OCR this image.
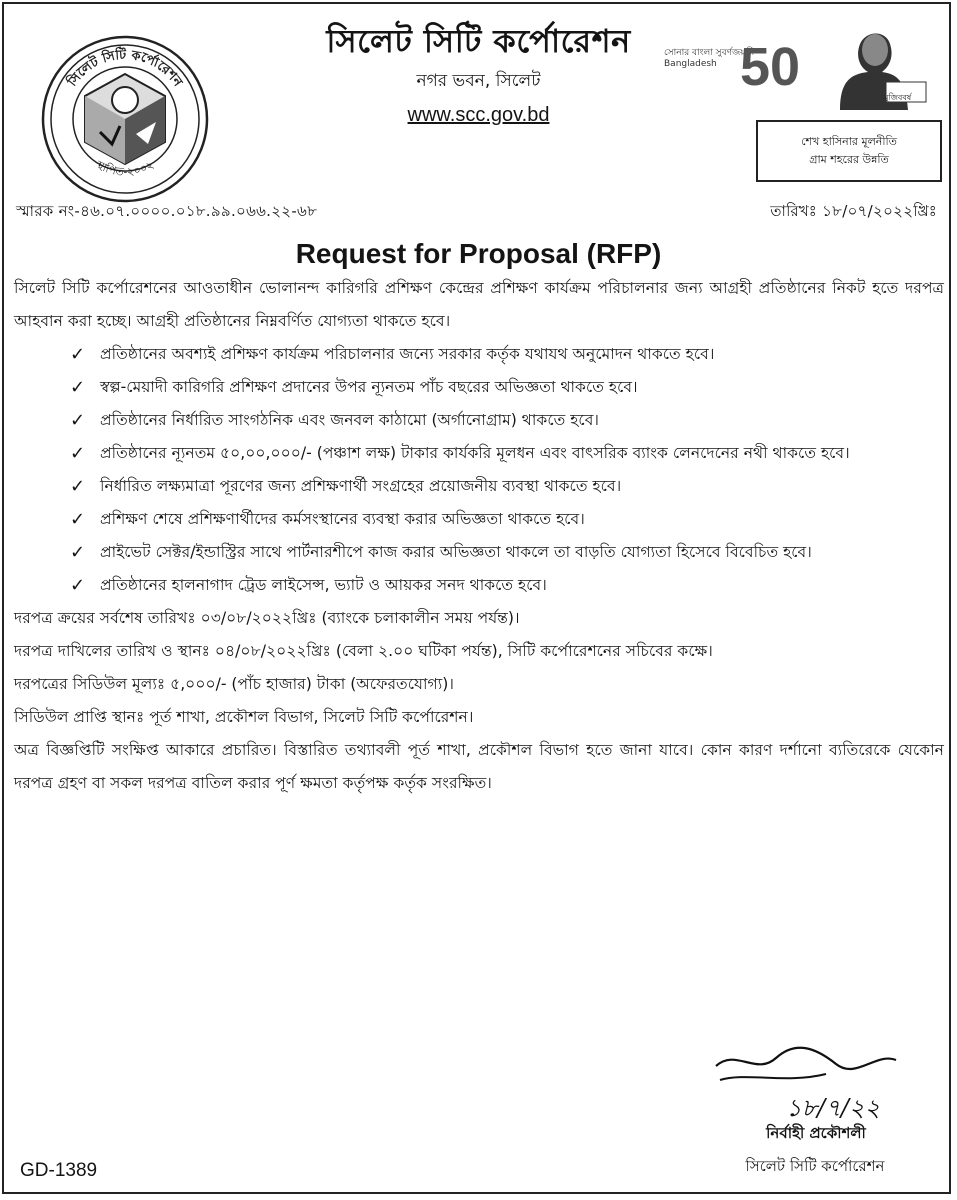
সিলেট সিটি কর্পোরেশন
স্থাপিত-২০০২
সিলেট সিটি কর্পোরেশন
নগর ভবন, সিলেট
www.scc.gov.bd
সোনার বাংলা সুবর্ণজয়ন্তী
Bangladesh 50
মুজিববর্ষ
শেখ হাসিনার মূলনীতি
গ্রাম শহরের উন্নতি
স্মারক নং-৪৬.০৭.০০০০.০১৮.৯৯.০৬৬.২২-৬৮	তারিখঃ ১৮/০৭/২০২২খ্রিঃ
Request for Proposal (RFP)

সিলেট সিটি কর্পোরেশনের আওতাধীন ভোলানন্দ কারিগরি প্রশিক্ষণ কেন্দ্রের প্রশিক্ষণ কার্যক্রম পরিচালনার জন্য আগ্রহী প্রতিষ্ঠানের নিকট হতে দরপত্র আহবান করা হচ্ছে। আগ্রহী প্রতিষ্ঠানের নিম্নবর্ণিত যোগ্যতা থাকতে হবে।

✓ প্রতিষ্ঠানের অবশ্যই প্রশিক্ষণ কার্যক্রম পরিচালনার জন্যে সরকার কর্তৃক যথাযথ অনুমোদন থাকতে হবে।
✓ স্বল্প-মেয়াদী কারিগরি প্রশিক্ষণ প্রদানের উপর ন্যূনতম পাঁচ বছরের অভিজ্ঞতা থাকতে হবে।
✓ প্রতিষ্ঠানের নির্ধারিত সাংগঠনিক এবং জনবল কাঠামো (অর্গানোগ্রাম) থাকতে হবে।
✓ প্রতিষ্ঠানের ন্যূনতম ৫০,০০,০০০/- (পঞ্চাশ লক্ষ) টাকার কার্যকরি মূলধন এবং বাৎসরিক ব্যাংক লেনদেনের নথী থাকতে হবে।
✓ নির্ধারিত লক্ষ্যমাত্রা পূরণের জন্য প্রশিক্ষণার্থী সংগ্রহের প্রয়োজনীয় ব্যবস্থা থাকতে হবে।
✓ প্রশিক্ষণ শেষে প্রশিক্ষণার্থীদের কর্মসংস্থানের ব্যবস্থা করার অভিজ্ঞতা থাকতে হবে।
✓ প্রাইভেট সেক্টর/ইন্ডাস্ট্রির সাথে পার্টনারশীপে কাজ করার অভিজ্ঞতা থাকলে তা বাড়তি যোগ্যতা হিসেবে বিবেচিত হবে।
✓ প্রতিষ্ঠানের হালনাগাদ ট্রেড লাইসেন্স, ভ্যাট ও আয়কর সনদ থাকতে হবে।

দরপত্র ক্রয়ের সর্বশেষ তারিখঃ ০৩/০৮/২০২২খ্রিঃ (ব্যাংকে চলাকালীন সময় পর্যন্ত)।

দরপত্র দাখিলের তারিখ ও স্থানঃ ০৪/০৮/২০২২খ্রিঃ (বেলা ২.০০ ঘটিকা পর্যন্ত), সিটি কর্পোরেশনের সচিবের কক্ষে।

দরপত্রের সিডিউল মূল্যঃ ৫,০০০/- (পাঁচ হাজার) টাকা (অফেরতযোগ্য)।

সিডিউল প্রাপ্তি স্থানঃ পূর্ত শাখা, প্রকৌশল বিভাগ, সিলেট সিটি কর্পোরেশন।

অত্র বিজ্ঞপ্তিটি সংক্ষিপ্ত আকারে প্রচারিত। বিস্তারিত তথ্যাবলী পূর্ত শাখা, প্রকৌশল বিভাগ হতে জানা যাবে। কোন কারণ দর্শানো ব্যতিরেকে যেকোন দরপত্র গ্রহণ বা সকল দরপত্র বাতিল করার পূর্ণ ক্ষমতা কর্তৃপক্ষ কর্তৃক সংরক্ষিত।

১৮/৭/২২
নির্বাহী প্রকৌশলী
সিলেট সিটি কর্পোরেশন
GD-1389
